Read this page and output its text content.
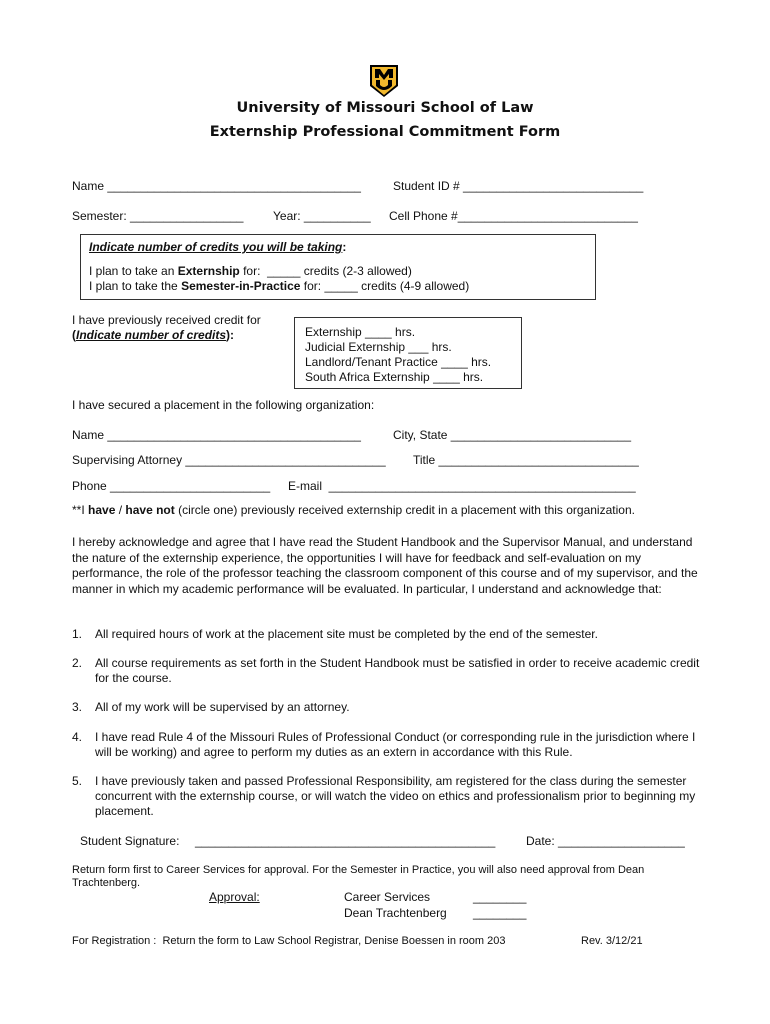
University of Missouri School of Law
Externship Professional Commitment Form
Name ______________________________________	Student ID # ___________________________
Semester: _________________ Year: __________ Cell Phone #___________________________
Indicate number of credits you will be taking:
I plan to take an Externship for:  _____ credits (2-3 allowed)
I plan to take the Semester-in-Practice for: _____ credits (4-9 allowed)
I have previously received credit for
(Indicate number of credits):	Externship ____ hrs.
Judicial Externship ___ hrs.
Landlord/Tenant Practice ____ hrs.
South Africa Externship ____ hrs.
I have secured a placement in the following organization:
Name ______________________________________	City, State ___________________________
Supervising Attorney ______________________________ Title ______________________________
Phone ________________________ E-mail  ______________________________________________
**I have / have not (circle one) previously received externship credit in a placement with this organization.
I hereby acknowledge and agree that I have read the Student Handbook and the Supervisor Manual, and understand the nature of the externship experience, the opportunities I will have for feedback and self-evaluation on my performance, the role of the professor teaching the classroom component of this course and of my supervisor, and the manner in which my academic performance will be evaluated. In particular, I understand and acknowledge that:
1. All required hours of work at the placement site must be completed by the end of the semester.
2. All course requirements as set forth in the Student Handbook must be satisfied in order to receive academic credit for the course.
3. All of my work will be supervised by an attorney.
4. I have read Rule 4 of the Missouri Rules of Professional Conduct (or corresponding rule in the jurisdiction where I will be working) and agree to perform my duties as an extern in accordance with this Rule.
5. I have previously taken and passed Professional Responsibility, am registered for the class during the semester concurrent with the externship course, or will watch the video on ethics and professionalism prior to beginning my placement.
Student Signature: _____________________________________________	Date: ___________________
Return form first to Career Services for approval. For the Semester in Practice, you will also need approval from Dean Trachtenberg.
Approval:	Career Services	________
Dean Trachtenberg ________
For Registration :  Return the form to Law School Registrar, Denise Boessen in room 203	Rev. 3/12/21
